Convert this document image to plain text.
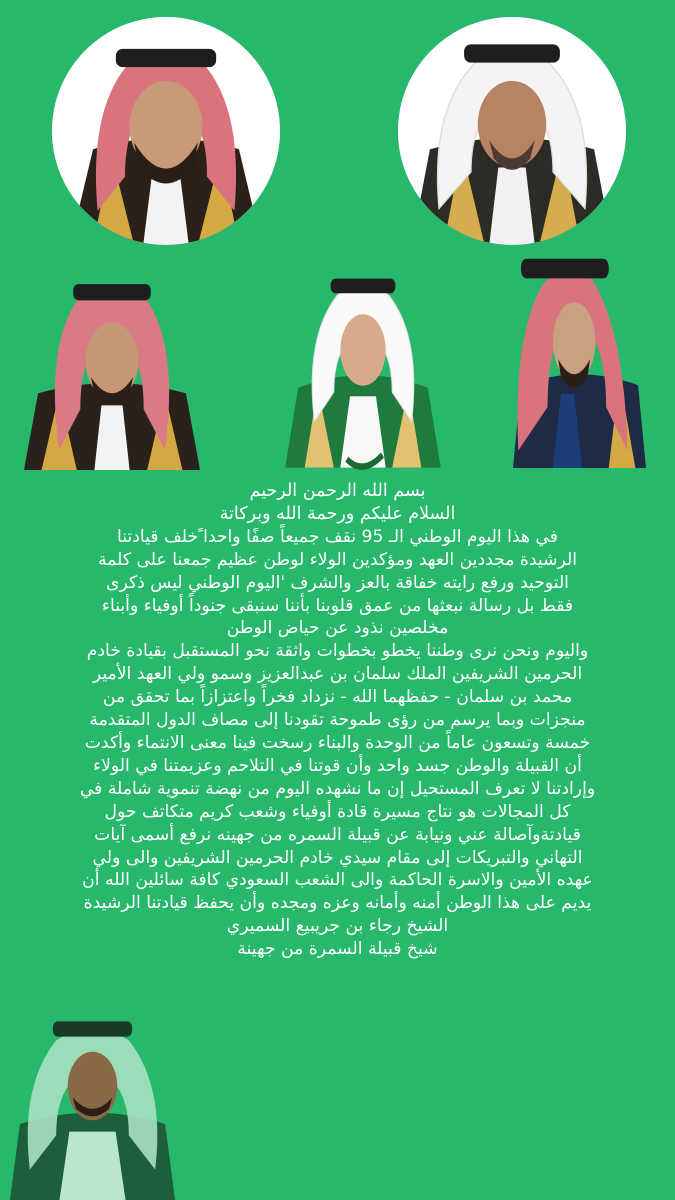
بسم الله الرحمن الرحيم
السلام عليكم ورحمة الله وبركاتة
في هذا اليوم الوطني الـ 95 نقف جميعاً صفًا واحدا ًخلف قيادتنا
الرشيدة مجددين العهد ومؤكدين الولاء لوطن عظيم جمعنا على كلمة
التوحيد ورفع رايته خفاقة بالعز والشرف 'اليوم الوطني ليس ذكرى
فقط بل رسالة نبعثها من عمق قلوبنا بأننا سنبقى جنوداً أوفياء وأبناء
مخلصين نذود عن حياض الوطن
واليوم ونحن نرى وطننا يخطو بخطوات واثقة نحو المستقبل بقيادة خادم
الحرمين الشريفين الملك سلمان بن عبدالعزيز وسمو ولي العهد الأمير
محمد بن سلمان - حفظهما الله - نزداد فخراً واعتزازاً بما تحقق من
منجزات وبما يرسم من رؤى طموحة تقودنا إلى مصاف الدول المتقدمة
خمسة وتسعون عاماً من الوحدة والبناء رسخت فينا معنى الانتماء وأكدت
أن القبيلة والوطن جسد واحد وأن قوتنا في التلاحم وعزيمتنا في الولاء
وإرادتنا لا تعرف المستحيل إن ما نشهده اليوم من نهضة تنموية شاملة في
كل المجالات هو نتاج مسيرة قادة أوفياء وشعب كريم متكاتف حول
قيادتةوآصالة عني ونيابة عن قبيلة السمره من جهينه نرفع أسمى آيات
التهاني والتبريكات إلى مقام سيدي خادم الحرمين الشريفين والى ولي
عهده الأمين والاسرة الحاكمة والى الشعب السعودي كافة سائلين الله أن
يديم على هذا الوطن أمنه وأمانه وعزه ومجده وأن يحفظ قيادتنا الرشيدة
الشيخ رجاء بن جريبيع السميري
شيخ قبيلة السمرة من جهينة
